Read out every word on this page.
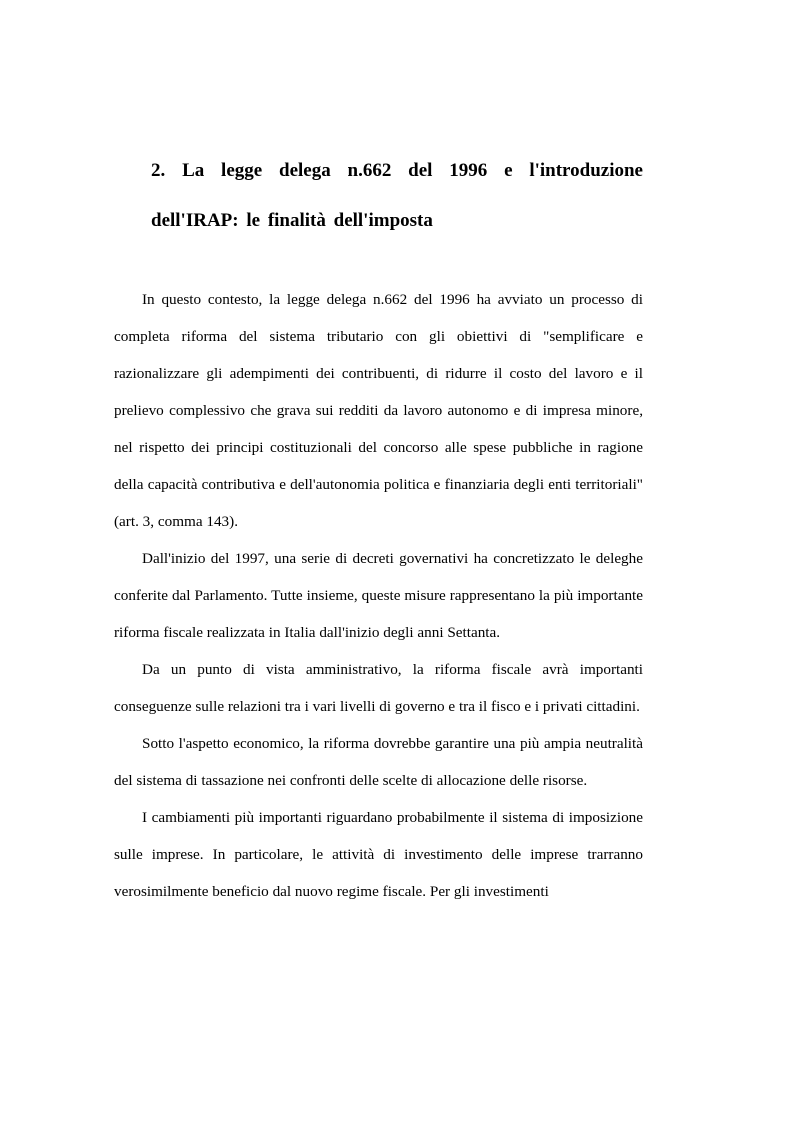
2. La legge delega n.662 del 1996 e l'introduzione dell'IRAP: le finalità dell'imposta

In questo contesto, la legge delega n.662 del 1996 ha avviato un processo di completa riforma del sistema tributario con gli obiettivi di "semplificare e razionalizzare gli adempimenti dei contribuenti, di ridurre il costo del lavoro e il prelievo complessivo che grava sui redditi da lavoro autonomo e di impresa minore, nel rispetto dei principi costituzionali del concorso alle spese pubbliche in ragione della capacità contributiva e dell'autonomia politica e finanziaria degli enti territoriali" (art. 3, comma 143).

Dall'inizio del 1997, una serie di decreti governativi ha concretizzato le deleghe conferite dal Parlamento. Tutte insieme, queste misure rappresentano la più importante riforma fiscale realizzata in Italia dall'inizio degli anni Settanta.

Da un punto di vista amministrativo, la riforma fiscale avrà importanti conseguenze sulle relazioni tra i vari livelli di governo e tra il fisco e i privati cittadini.

Sotto l'aspetto economico, la riforma dovrebbe garantire una più ampia neutralità del sistema di tassazione nei confronti delle scelte di allocazione delle risorse.

I cambiamenti più importanti riguardano probabilmente il sistema di imposizione sulle imprese. In particolare, le attività di investimento delle imprese trarranno verosimilmente beneficio dal nuovo regime fiscale. Per gli investimenti
